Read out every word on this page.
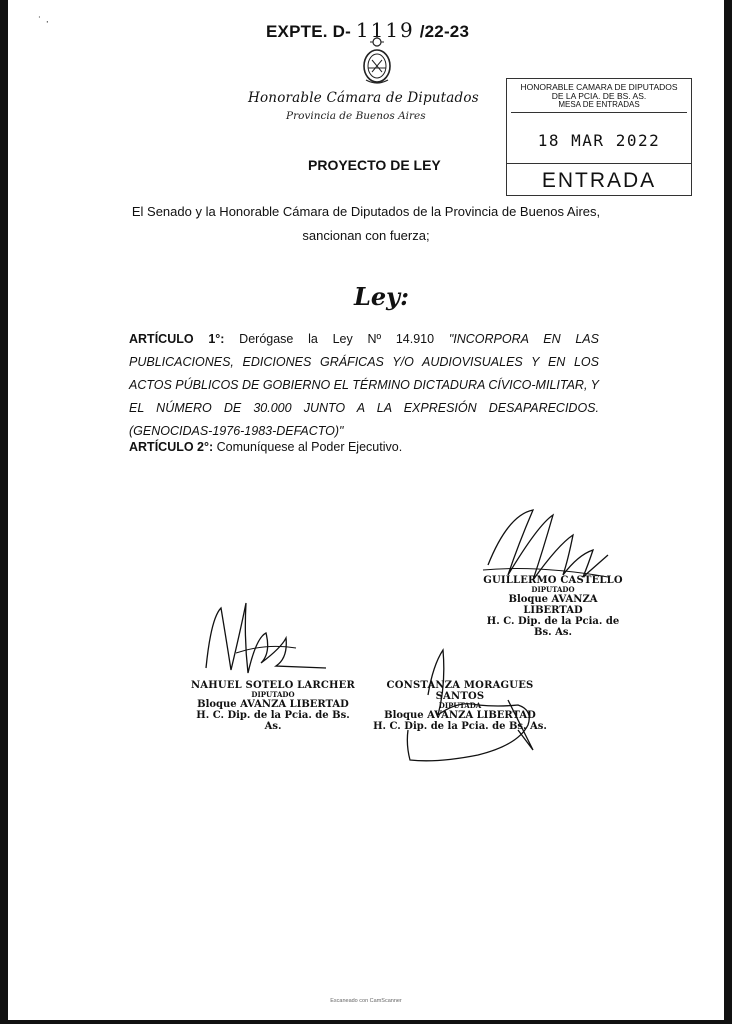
˙ ·
EXPTE. D- 1119 /22-23
Honorable Cámara de Diputados
Provincia de Buenos Aires
HONORABLE CAMARA DE DIPUTADOS
DE LA PCIA. DE BS. AS.
MESA DE ENTRADAS
18 MAR 2022
ENTRADA
PROYECTO DE LEY
El Senado y la Honorable Cámara de Diputados de la Provincia de Buenos Aires,
sancionan con fuerza;
Ley:
ARTÍCULO 1°: Derógase la Ley Nº 14.910 "INCORPORA EN LAS PUBLICACIONES, EDICIONES GRÁFICAS Y/O AUDIOVISUALES Y EN LOS ACTOS PÚBLICOS DE GOBIERNO EL TÉRMINO DICTADURA CÍVICO-MILITAR, Y EL NÚMERO DE 30.000 JUNTO A LA EXPRESIÓN DESAPARECIDOS.(GENOCIDAS-1976-1983-DEFACTO)"
ARTÍCULO 2°: Comuníquese al Poder Ejecutivo.
GUILLERMO CASTELLO
DIPUTADO
Bloque AVANZA LIBERTAD
H. C. Dip. de la Pcia. de Bs. As.
NAHUEL SOTELO LARCHER
DIPUTADO
Bloque AVANZA LIBERTAD
H. C. Dip. de la Pcia. de Bs. As.
CONSTANZA MORAGUES SANTOS
DIPUTADA
Bloque AVANZA LIBERTAD
H. C. Dip. de la Pcia. de Bs. As.
Escaneado con CamScanner
